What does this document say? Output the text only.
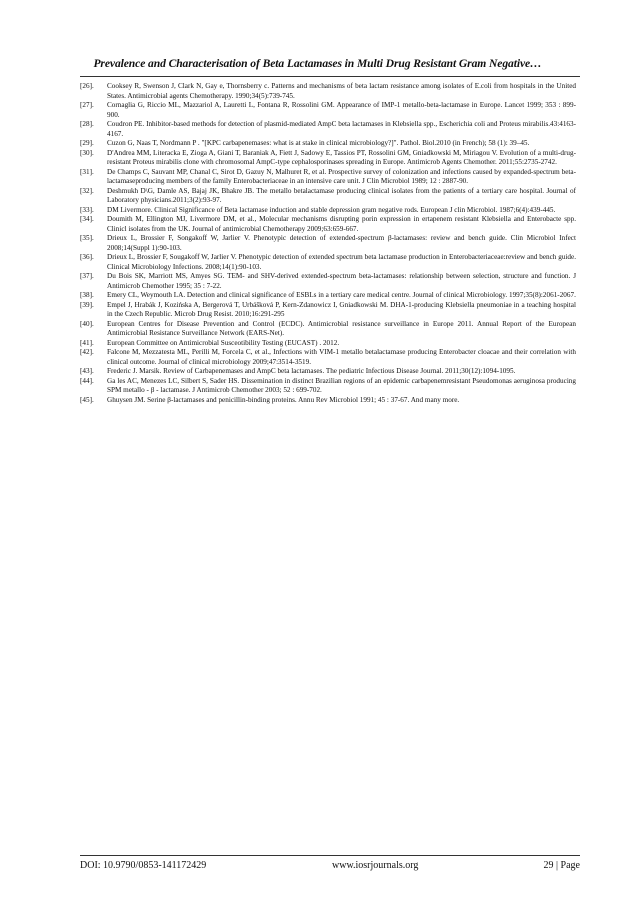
Prevalence and Characterisation of Beta Lactamases in Multi Drug Resistant Gram Negative…
[26].	Cooksey R, Swenson J, Clark N, Gay e, Thornsberry c. Patterns and mechanisms of beta lactam resistance among isolates of E.coli from hospitals in the United States. Antimicrobial agents Chemotherapy. 1990;34(5):739-745.
[27].	Cornaglia G, Riccio ML, Mazzariol A, Lauretti L, Fontana R, Rossolini GM. Appearance of IMP-1 metallo-beta-lactamase in Europe. Lancet 1999; 353 : 899-900.
[28].	Coudron PE. Inhibitor-based methods for detection of plasmid-mediated AmpC beta lactamases in Klebsiella spp., Escherichia coli and Proteus mirabilis.43:4163-4167.
[29].	Cuzon G, Naas T, Nordmann P . "[KPC carbapenemases: what is at stake in clinical microbiology?]". Pathol. Biol.2010 (in French); 58 (1): 39–45.
[30].	D'Andrea MM, Literacka E, Zioga A, Giani T, Baraniak A, Fiett J, Sadowy E, Tassios PT, Rossolini GM, Gniadkowski M, Miriagou V. Evolution of a multi-drug-resistant Proteus mirabilis clone with chromosomal AmpC-type cephalosporinases spreading in Europe. Antimicrob Agents Chemother. 2011;55:2735-2742.
[31].	De Champs C, Sauvant MP, Chanal C, Sirot D, Gazuy N, Malhuret R, et al. Prospective survey of colonization and infections caused by expanded-spectrum beta-lactamaseproducing members of the family Enterobacteriaceae in an intensive care unit. J Clin Microbiol 1989; 12 : 2887-90.
[32].	Deshmukh D\G, Damle AS, Bajaj JK, Bhakre JB. The metallo betalactamase producing clinical isolates from the patients of a tertiary care hospital. Journal of Laboratory physicians.2011;3(2):93-97.
[33].	DM Livermore. Clinical Significance of Beta lactamase induction and stable depression gram negative rods. European J clin Microbiol. 1987;6(4):439-445.
[34].	Doumith M, Ellington MJ, Livermore DM, et al., Molecular mechanisms disrupting porin expression in ertapenem resistant Klebsiella and Enterobacte spp. Clinicl isolates from the UK. Journal of antimicrobial Chemotherapy 2009;63:659-667.
[35].	Drieux L, Brossier F, Songakoff W, Jarlier V. Phenotypic detection of extended-spectrum β-lactamases: review and bench guide. Clin Microbiol Infect 2008;14(Suppl 1):90-103.
[36].	Drieux L, Brossier F, Sougakoff W, Jarlier V. Phenotypic detection of extended spectrum beta lactamase production in Enterobacteriaceae:review and bench guide. Clinical Microbiology Infections. 2008;14(1):90-103.
[37].	Du Bois SK, Marriott MS, Amyes SG. TEM- and SHV-derived extended-spectrum beta-lactamases: relationship between selection, structure and function. J Antimicrob Chemother 1995; 35 : 7-22.
[38].	Emery CL, Weymouth LA. Detection and clinical significance of ESBLs in a tertiary care medical centre. Journal of clinical Microbiology. 1997;35(8):2061-2067.
[39].	Empel J, Hrabák J, Kozińska A, Bergerová T, Urbášková P, Kern-Zdanowicz I, Gniadkowski M. DHA-1-producing Klebsiella pneumoniae in a teaching hospital in the Czech Republic. Microb Drug Resist. 2010;16:291-295
[40].	European Centres for Disease Prevention and Control (ECDC). Antimicrobial resistance surveillance in Europe 2011. Annual Report of the European Antimicrobial Resistance Surveillance Network (EARS-Net).
[41].	European Committee on Antimicrobial Susceotibility Testing (EUCAST) . 2012.
[42].	Falcone M, Mezzatesta ML, Perilli M, Forcela C, et al., Infections with VIM-1 metallo betalactamase producing Enterobacter cloacae and their correlation with clinical outcome. Journal of clinical microbiology 2009;47:3514-3519.
[43].	Frederic J. Marsik. Review of Carbapenemases and AmpC beta lactamases. The pediatric Infectious Disease Journal. 2011;30(12):1094-1095.
[44].	Ga les AC, Menezes LC, Silbert S, Sader HS. Dissemination in distinct Brazilian regions of an epidemic carbapenemresistant Pseudomonas aeruginosa producing SPM metallo - β - lactamase. J Antimicrob Chemother 2003; 52 : 699-702.
[45].	Ghuysen JM. Serine β-lactamases and penicillin-binding proteins. Annu Rev Microbiol 1991; 45 : 37-67. And many more.
DOI: 10.9790/0853-141172429	www.iosrjournals.org	29 | Page
